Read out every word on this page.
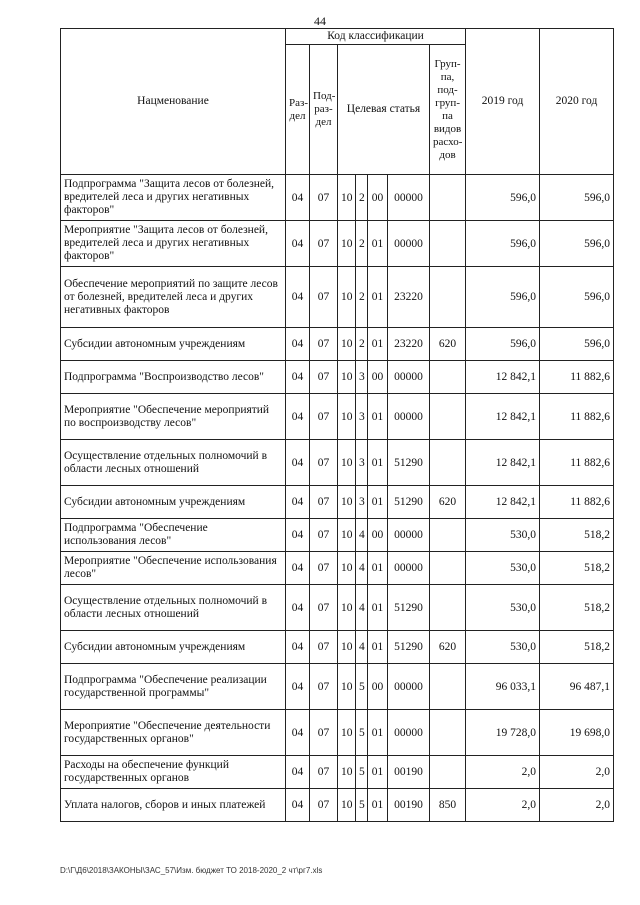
44
Нацменование	Код классификации							2019 год	2020 год
	Раз- дел	Под- раз- дел	Целевая статья				Груп- па, под- груп- па видов расхо- дов		
Подпрограмма "Защита лесов от болезней, вредителей леса и других негативных факторов"	04	07	10	2	00	00000		596,0	596,0
Мероприятие "Защита лесов от болезней, вредителей леса и других негативных факторов"	04	07	10	2	01	00000		596,0	596,0
Обеспечение мероприятий по защите лесов от болезней, вредителей леса и других негативных факторов	04	07	10	2	01	23220		596,0	596,0
Субсидии автономным учреждениям	04	07	10	2	01	23220	620	596,0	596,0
Подпрограмма "Воспроизводство лесов"	04	07	10	3	00	00000		12 842,1	11 882,6
Мероприятие "Обеспечение мероприятий по воспроизводству лесов"	04	07	10	3	01	00000		12 842,1	11 882,6
Осуществление отдельных полномочий в области лесных отношений	04	07	10	3	01	51290		12 842,1	11 882,6
Субсидии автономным учреждениям	04	07	10	3	01	51290	620	12 842,1	11 882,6
Подпрограмма "Обеспечение использования лесов"	04	07	10	4	00	00000		530,0	518,2
Мероприятие "Обеспечение использования лесов"	04	07	10	4	01	00000		530,0	518,2
Осуществление отдельных полномочий в области лесных отношений	04	07	10	4	01	51290		530,0	518,2
Субсидии автономным учреждениям	04	07	10	4	01	51290	620	530,0	518,2
Подпрограмма "Обеспечение реализации государственной программы"	04	07	10	5	00	00000		96 033,1	96 487,1
Мероприятие "Обеспечение деятельности государственных органов"	04	07	10	5	01	00000		19 728,0	19 698,0
Расходы на обеспечение функций государственных органов	04	07	10	5	01	00190		2,0	2,0
Уплата налогов, сборов и иных платежей	04	07	10	5	01	00190	850	2,0	2,0
D:\Г\Д6\2018\ЗАКОНЫ\ЗАС_57\Изм. бюджет ТО 2018-2020_2 чт\рг7.xls
